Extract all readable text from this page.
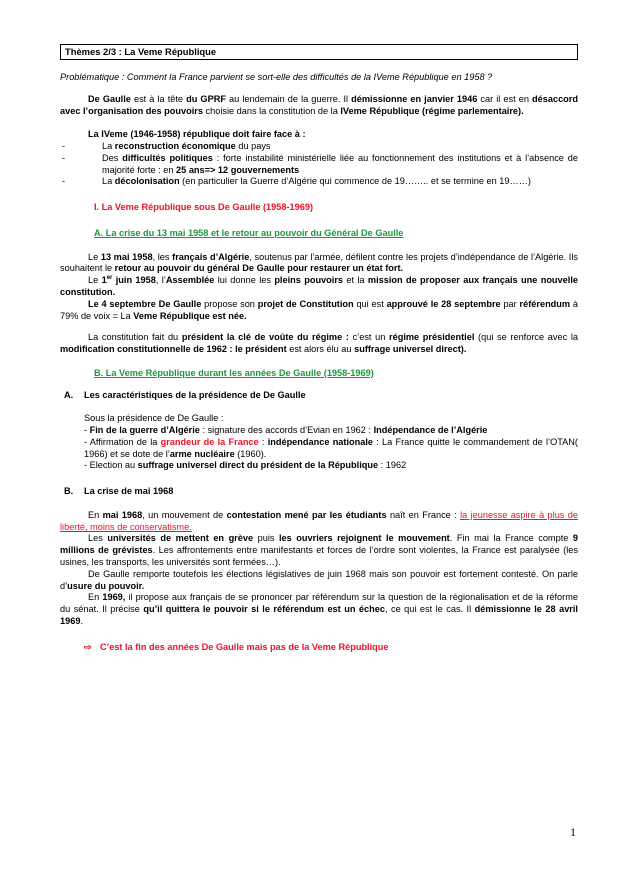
Thèmes 2/3 : La Veme République

Problématique : Comment la France parvient se sort-elle des difficultés de la IVeme République en 1958 ?

De Gaulle est à la tête du GPRF au lendemain de la guerre. Il démissionne en janvier 1946 car il est en désaccord avec l’organisation des pouvoirs choisie dans la constitution de la IVeme République (régime parlementaire).

La IVeme (1946-1958) république doit faire face à :

- La reconstruction économique du pays
- Des difficultés politiques : forte instabilité ministérielle liée au fonctionnement des institutions et à l’absence de majorité forte : en 25 ans=> 12 gouvernements
- La décolonisation (en particulier la Guerre d’Algérie qui commence de 19…….. et se termine en 19……)

I. La Veme République sous De Gaulle (1958-1969)

A. La crise du 13 mai 1958 et le retour au pouvoir du Général De Gaulle

Le 13 mai 1958, les français d’Algérie, soutenus par l’armée, défilent contre les projets d’indépendance de l’Algérie. Ils souhaitent le retour au pouvoir du général De Gaulle pour restaurer un état fort.

Le 1er juin 1958, l’Assemblée lui donne les pleins pouvoirs et la mission de proposer aux français une nouvelle constitution.

Le 4 septembre De Gaulle propose son projet de Constitution qui est approuvé le 28 septembre par référendum à 79% de voix = La Veme République est née.

La constitution fait du président la clé de voûte du régime : c’est un régime présidentiel (qui se renforce avec la modification constitutionnelle de 1962 : le président est alors élu au suffrage universel direct).

B. La Veme République durant les années De Gaulle (1958-1969)

A.	Les caractéristiques de la présidence de De Gaulle

Sous la présidence de De Gaulle :

- Fin de la guerre d’Algérie : signature des accords d’Evian en 1962 : Indépendance de l’Algérie

- Affirmation de la grandeur de la France : indépendance nationale : La France quitte le commandement de l’OTAN( 1966) et se dote de l’arme nucléaire (1960).

- Election au suffrage universel direct du président de la République : 1962

B.	La crise de mai 1968

En mai 1968, un mouvement de contestation mené par les étudiants naît en France : la jeunesse aspire à plus de liberté, moins de conservatisme.

Les universités de mettent en grève puis les ouvriers rejoignent le mouvement. Fin mai la France compte 9 millions de grévistes. Les affrontements entre manifestants et forces de l’ordre sont violentes, la France est paralysée (les usines, les transports, les universités sont fermées…).

De Gaulle remporte toutefois les élections législatives de juin 1968 mais son pouvoir est fortement contesté. On parle d’usure du pouvoir.

En 1969, il propose aux français de se prononcer par référendum sur la question de la régionalisation et de la réforme du sénat. Il précise qu’il quittera le pouvoir si le référendum est un échec, ce qui est le cas. Il démissionne le 28 avril 1969.

⇨ C’est la fin des années De Gaulle mais pas de la Veme République

1
